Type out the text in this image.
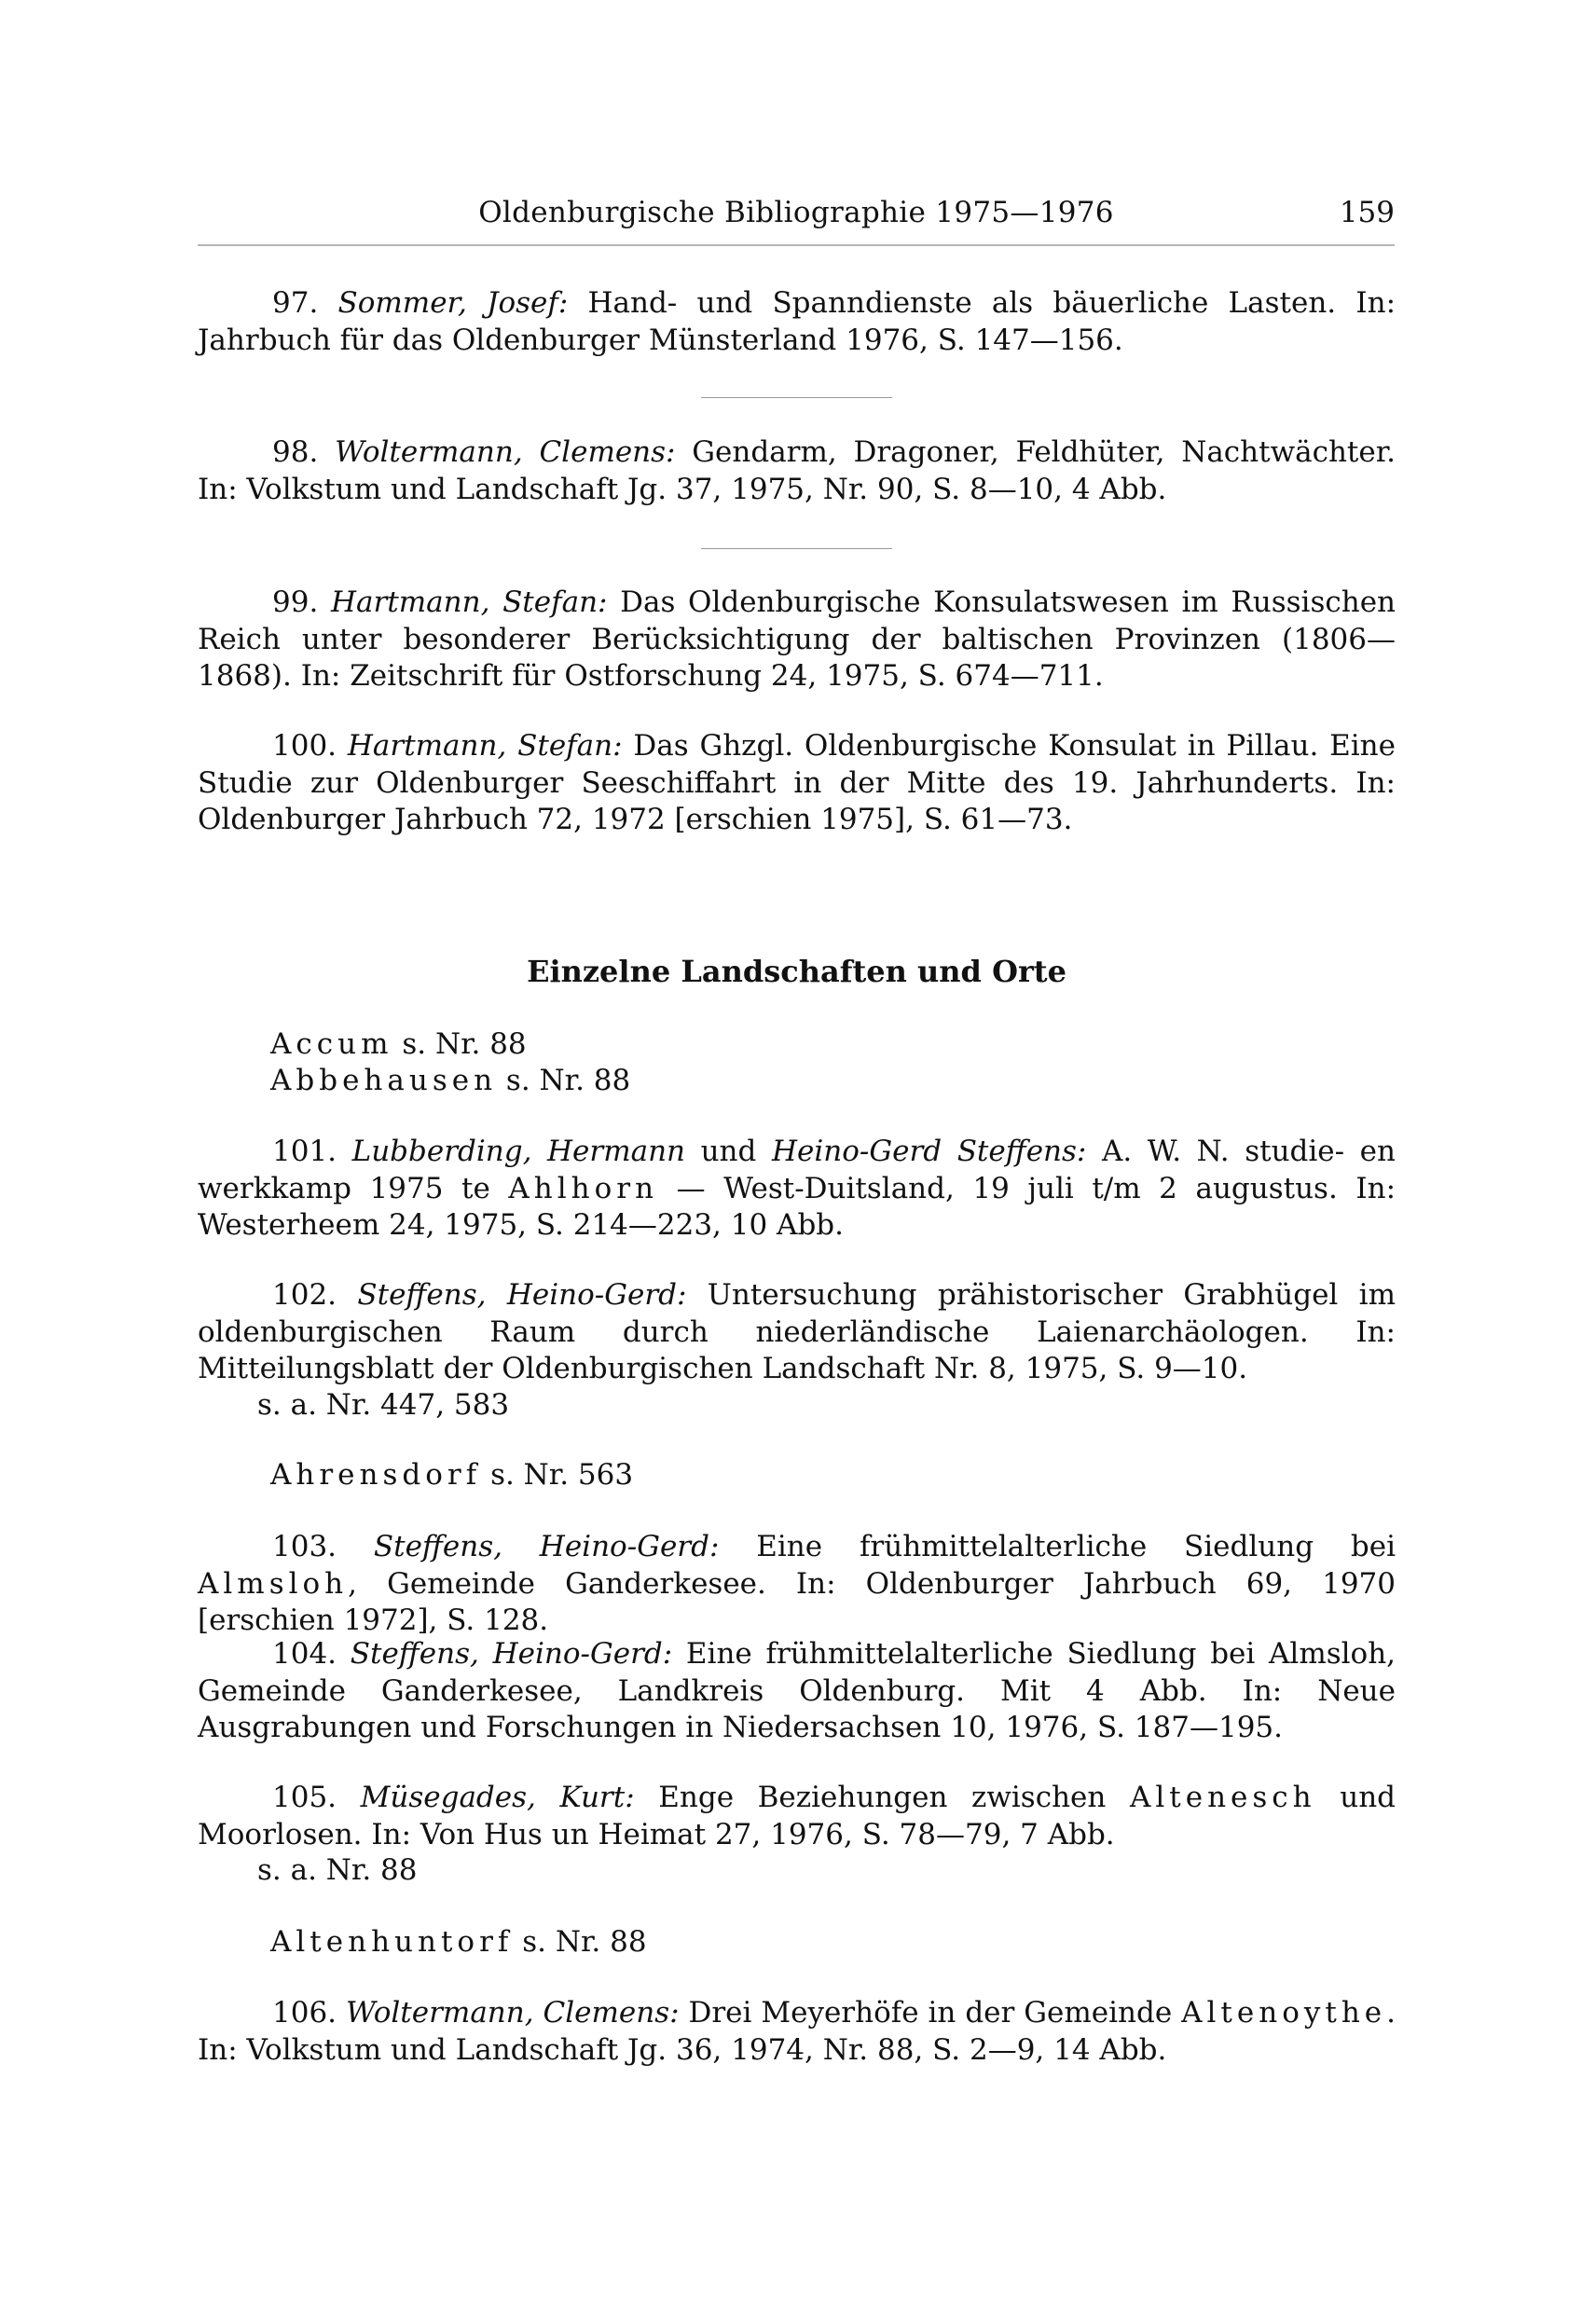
Oldenburgische Bibliographie 1975—1976	159
97. Sommer, Josef: Hand- und Spanndienste als bäuerliche Lasten. In: Jahrbuch für das Oldenburger Münsterland 1976, S. 147—156.
98. Woltermann, Clemens: Gendarm, Dragoner, Feldhüter, Nachtwächter. In: Volkstum und Landschaft Jg. 37, 1975, Nr. 90, S. 8—10, 4 Abb.
99. Hartmann, Stefan: Das Oldenburgische Konsulatswesen im Russischen Reich unter besonderer Berücksichtigung der baltischen Provinzen (1806—1868). In: Zeitschrift für Ostforschung 24, 1975, S. 674—711.
100. Hartmann, Stefan: Das Ghzgl. Oldenburgische Konsulat in Pillau. Eine Studie zur Oldenburger Seeschiffahrt in der Mitte des 19. Jahrhunderts. In: Oldenburger Jahrbuch 72, 1972 [erschien 1975], S. 61—73.
Einzelne Landschaften und Orte
Accum s. Nr. 88
Abbehausen s. Nr. 88
101. Lubberding, Hermann und Heino-Gerd Steffens: A. W. N. studie- en werkkamp 1975 te Ahlhorn — West-Duitsland, 19 juli t/m 2 augustus. In: Westerheem 24, 1975, S. 214—223, 10 Abb.
102. Steffens, Heino-Gerd: Untersuchung prähistorischer Grabhügel im oldenburgischen Raum durch niederländische Laienarchäologen. In: Mitteilungsblatt der Oldenburgischen Landschaft Nr. 8, 1975, S. 9—10.
s. a. Nr. 447, 583
Ahrensdorf s. Nr. 563
103. Steffens, Heino-Gerd: Eine frühmittelalterliche Siedlung bei Almsloh, Gemeinde Ganderkesee. In: Oldenburger Jahrbuch 69, 1970 [erschien 1972], S. 128.
104. Steffens, Heino-Gerd: Eine frühmittelalterliche Siedlung bei Almsloh, Gemeinde Ganderkesee, Landkreis Oldenburg. Mit 4 Abb. In: Neue Ausgrabungen und Forschungen in Niedersachsen 10, 1976, S. 187—195.
105. Müsegades, Kurt: Enge Beziehungen zwischen Altenesch und Moorlosen. In: Von Hus un Heimat 27, 1976, S. 78—79, 7 Abb.
s. a. Nr. 88
Altenhuntorf s. Nr. 88
106. Woltermann, Clemens: Drei Meyerhöfe in der Gemeinde Altenoythe. In: Volkstum und Landschaft Jg. 36, 1974, Nr. 88, S. 2—9, 14 Abb.
